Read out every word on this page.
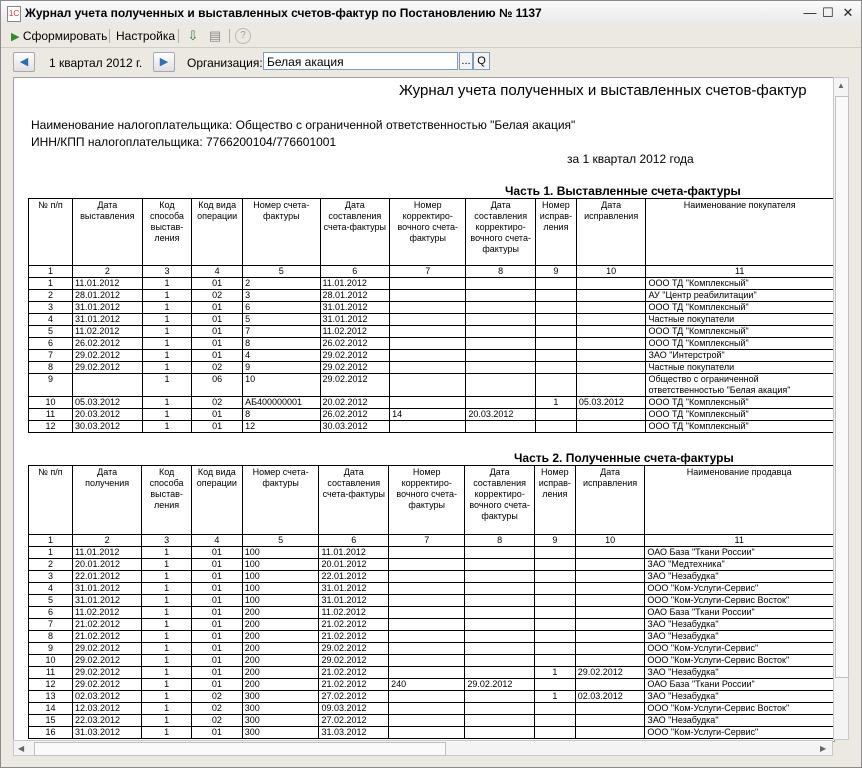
1С Журнал учета полученных и выставленных счетов-фактур по Постановлению № 1137	— ☐ ✕
▶ Сформировать Настройка ⇩ ▤	?
◀	1 квартал 2012 г.	▶	Организация: Белая акация	... Q
Журнал учета полученных и выставленных счетов-фактур
Наименование налогоплательщика: Общество с ограниченной ответственностью "Белая акация"
ИНН/КПП налогоплательщика: 7766200104/776601001
за 1 квартал 2012 года
Часть 1. Выставленные счета-фактуры
№ п/п	Дата выставления	Код способа выстав-ления	Код вида операции	Номер счета-фактуры	Дата составления счета-фактуры	Номер корректиро-вочного счета-фактуры	Дата составления корректиро-вочного счета-фактуры	Номер исправ-ления	Дата исправления	Наименование покупателя
1	2	3	4	5	6	7	8	9	10	11
1	11.01.2012	1	01	2	11.01.2012					ООО ТД "Комплексный"
2	28.01.2012	1	02	3	28.01.2012					АУ "Центр реабилитации"
3	31.01.2012	1	01	6	31.01.2012					ООО ТД "Комплексный"
4	31.01.2012	1	01	5	31.01.2012					Частные покупатели
5	11.02.2012	1	01	7	11.02.2012					ООО ТД "Комплексный"
6	26.02.2012	1	01	8	26.02.2012					ООО ТД "Комплексный"
7	29.02.2012	1	01	4	29.02.2012					ЗАО "Интерстрой"
8	29.02.2012	1	02	9	29.02.2012					Частные покупатели
9		1	06	10	29.02.2012					Общество с ограниченной ответственностью "Белая акация"
10	05.03.2012	1	02	АБ400000001	20.02.2012			1	05.03.2012	ООО ТД "Комплексный"
11	20.03.2012	1	01	8	26.02.2012	14	20.03.2012			ООО ТД "Комплексный"
12	30.03.2012	1	01	12	30.03.2012					ООО ТД "Комплексный"
Часть 2. Полученные счета-фактуры
№ п/п	Дата получения	Код способа выстав-ления	Код вида операции	Номер счета-фактуры	Дата составления счета-фактуры	Номер корректиро-вочного счета-фактуры	Дата составления корректиро-вочного счета-фактуры	Номер исправ-ления	Дата исправления	Наименование продавца
1	2	3	4	5	6	7	8	9	10	11
1	11.01.2012	1	01	100	11.01.2012					ОАО База "Ткани России"
2	20.01.2012	1	01	100	20.01.2012					ЗАО "Медтехника"
3	22.01.2012	1	01	100	22.01.2012					ЗАО "Незабудка"
4	31.01.2012	1	01	100	31.01.2012					ООО "Ком-Услуги-Сервис"
5	31.01.2012	1	01	100	31.01.2012					ООО "Ком-Услуги-Сервис Восток"
6	11.02.2012	1	01	200	11.02.2012					ОАО База "Ткани России"
7	21.02.2012	1	01	200	21.02.2012					ЗАО "Незабудка"
8	21.02.2012	1	01	200	21.02.2012					ЗАО "Незабудка"
9	29.02.2012	1	01	200	29.02.2012					ООО "Ком-Услуги-Сервис"
10	29.02.2012	1	01	200	29.02.2012					ООО "Ком-Услуги-Сервис Восток"
11	29.02.2012	1	01	200	21.02.2012			1	29.02.2012	ЗАО "Незабудка"
12	29.02.2012	1	01	200	21.02.2012	240	29.02.2012			ОАО База "Ткани России"
13	02.03.2012	1	02	300	27.02.2012			1	02.03.2012	ЗАО "Незабудка"
14	12.03.2012	1	02	300	09.03.2012					ООО "Ком-Услуги-Сервис Восток"
15	22.03.2012	1	02	300	27.02.2012					ЗАО "Незабудка"
16	31.03.2012	1	01	300	31.03.2012					ООО "Ком-Услуги-Сервис"
▲
◀	▶
